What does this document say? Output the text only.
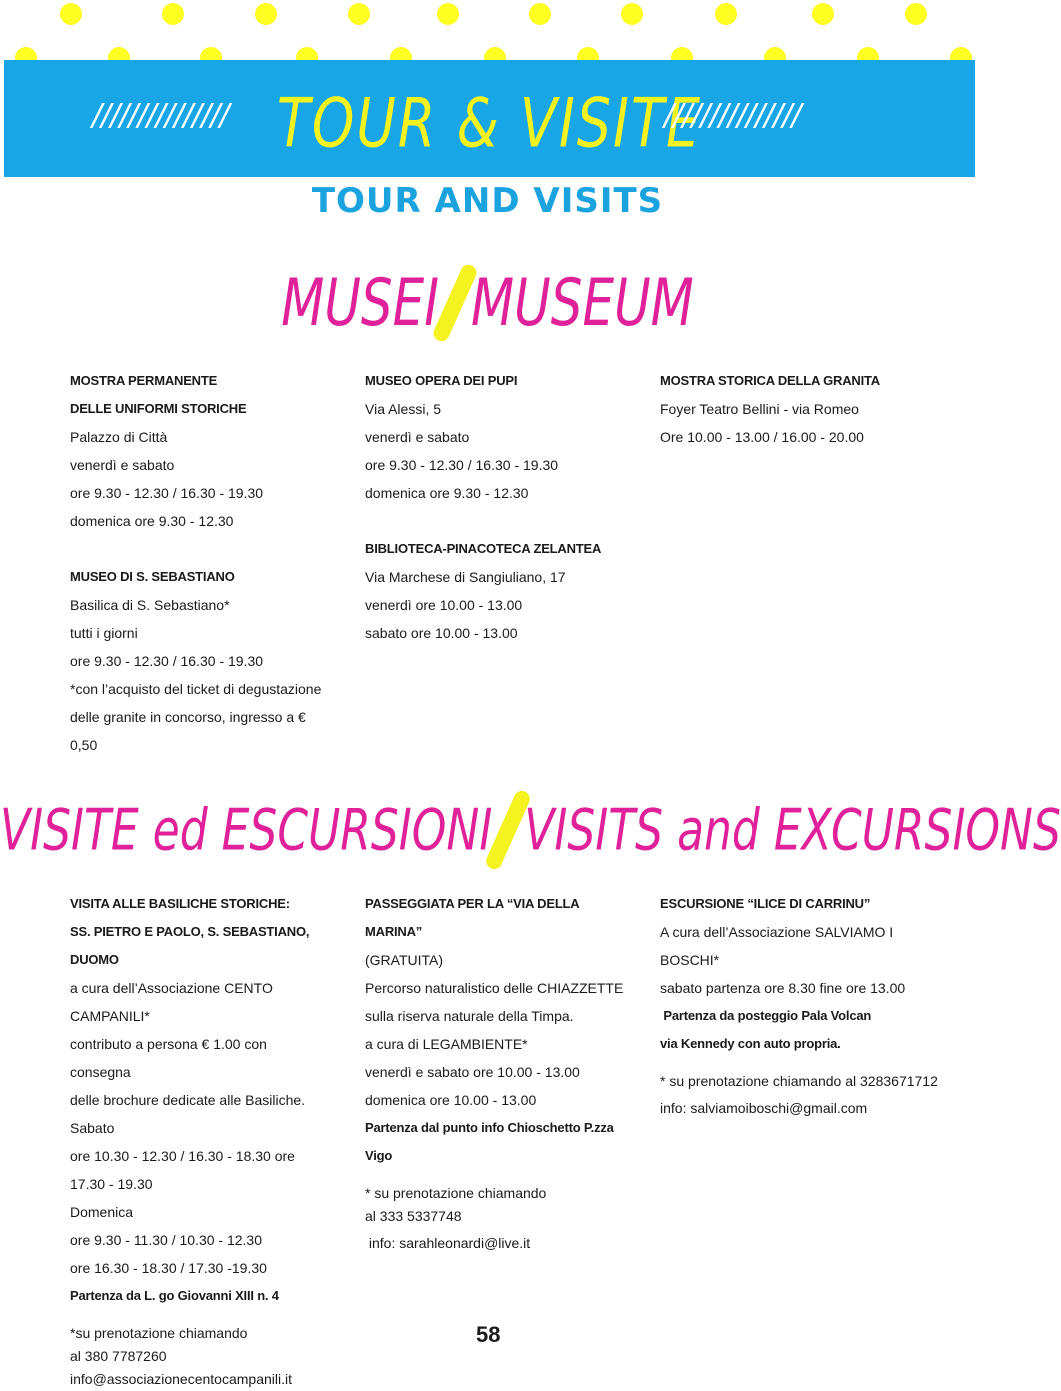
/////////////// TOUR & VISITE
///////////////
TOUR AND VISITS
MUSEI MUSEUM

MOSTRA PERMANENTE

DELLE UNIFORMI STORICHE

Palazzo di Città

venerdì e sabato

ore 9.30 - 12.30 / 16.30 - 19.30

domenica ore 9.30 - 12.30

MUSEO DI S. SEBASTIANO

Basilica di S. Sebastiano*

tutti i giorni

ore 9.30 - 12.30 / 16.30 - 19.30

*con l’acquisto del ticket di degustazione

delle granite in concorso, ingresso a € 0,50

MUSEO OPERA DEI PUPI

Via Alessi, 5

venerdì e sabato

ore 9.30 - 12.30 / 16.30 - 19.30

domenica ore 9.30 - 12.30

BIBLIOTECA-PINACOTECA ZELANTEA

Via Marchese di Sangiuliano, 17

venerdì ore 10.00 - 13.00

sabato ore 10.00 - 13.00

MOSTRA STORICA DELLA GRANITA

Foyer Teatro Bellini - via Romeo

Ore 10.00 - 13.00 / 16.00 - 20.00

VISITE ed ESCURSIONI VISITS and EXCURSIONS

VISITA ALLE BASILICHE STORICHE:

SS. PIETRO E PAOLO, S. SEBASTIANO, DUOMO

a cura dell’Associazione CENTO CAMPANILI*

contributo a persona € 1.00 con consegna

delle brochure dedicate alle Basiliche.

Sabato

ore 10.30 - 12.30 / 16.30 - 18.30 ore

17.30 - 19.30

Domenica

ore 9.30 - 11.30 / 10.30 - 12.30

ore 16.30 - 18.30 / 17.30 -19.30

Partenza da L. go Giovanni XIII n. 4

*su prenotazione chiamando

al 380 7787260

info@associazionecentocampanili.it

PASSEGGIATA PER LA “VIA DELLA MARINA”

(GRATUITA)

Percorso naturalistico delle CHIAZZETTE

sulla riserva naturale della Timpa.

a cura di LEGAMBIENTE*

venerdì e sabato ore 10.00 - 13.00

domenica ore 10.00 - 13.00

Partenza dal punto info Chioschetto P.zza Vigo

* su prenotazione chiamando

al 333 5337748

info: sarahleonardi@live.it

ESCURSIONE “ILICE DI CARRINU”

A cura dell’Associazione SALVIAMO I BOSCHI*

sabato partenza ore 8.30 fine ore 13.00

Partenza da posteggio Pala Volcan

via Kennedy con auto propria.

* su prenotazione chiamando al 3283671712

info: salviamoiboschi@gmail.com

58
